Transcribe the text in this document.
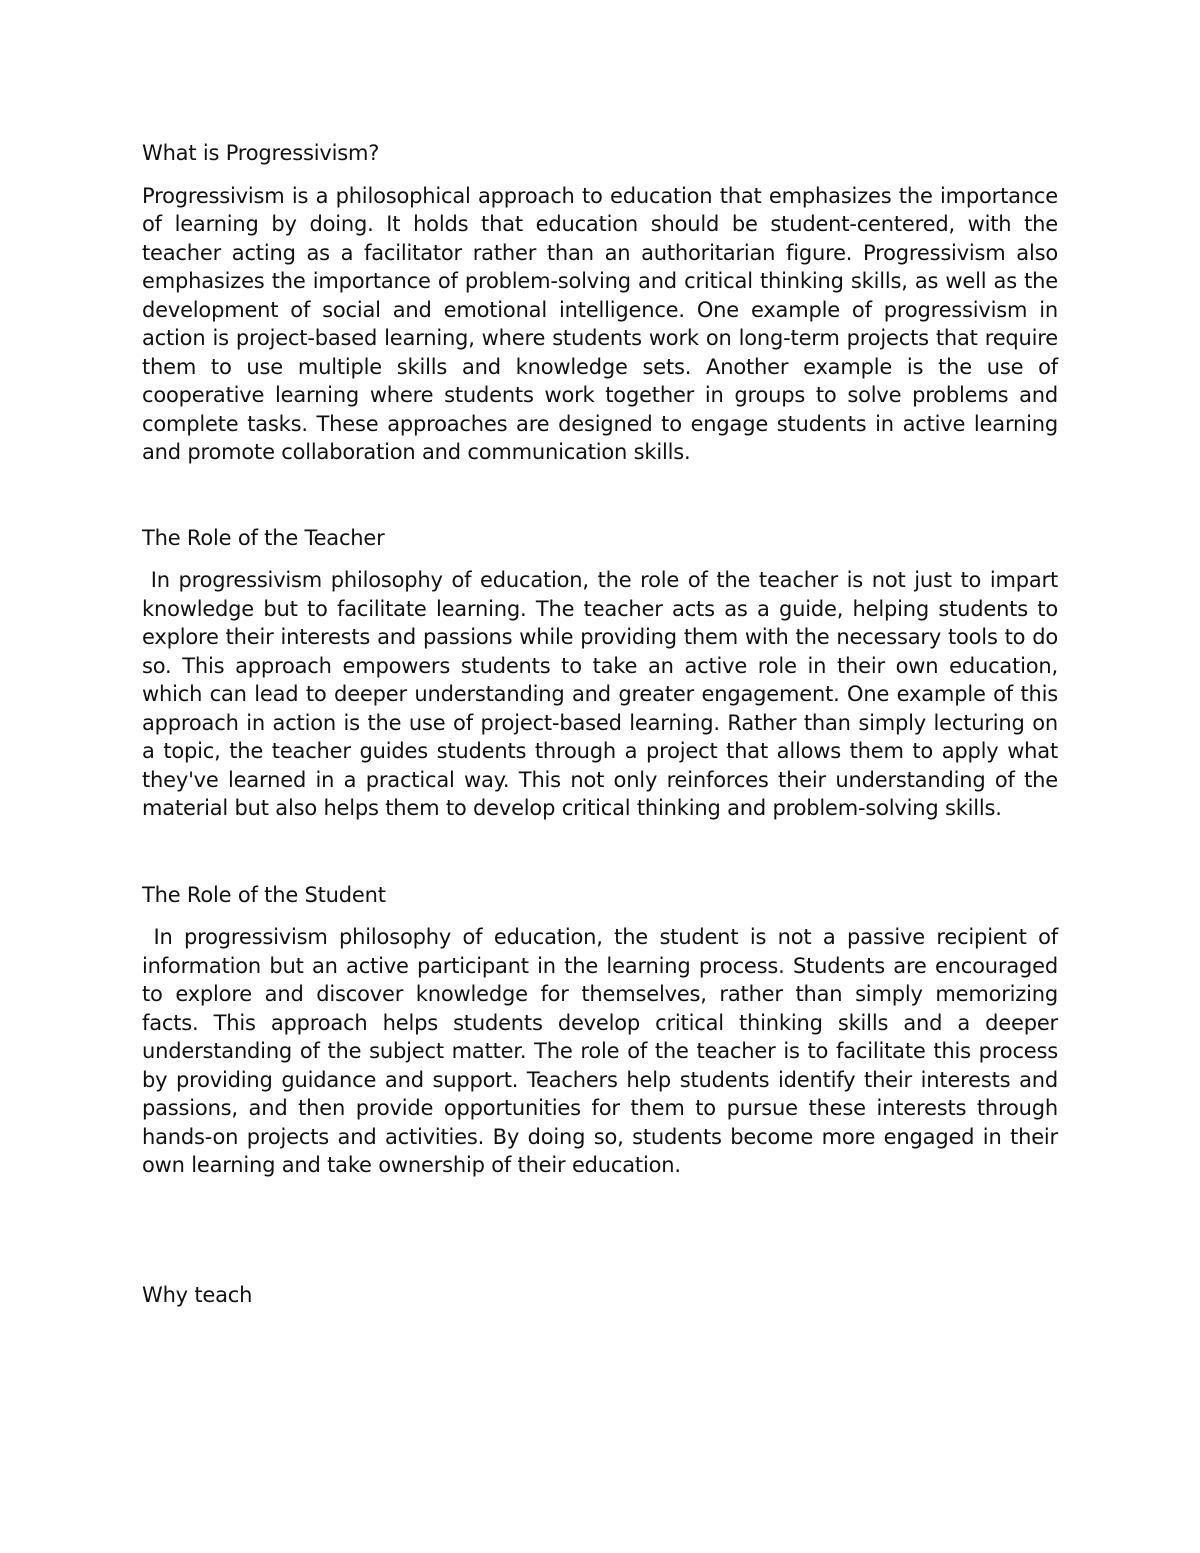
What is Progressivism?

Progressivism is a philosophical approach to education that emphasizes the importance of learning by doing. It holds that education should be student-centered, with the teacher acting as a facilitator rather than an authoritarian figure. Progressivism also emphasizes the importance of problem-solving and critical thinking skills, as well as the development of social and emotional intelligence. One example of progressivism in action is project-based learning, where students work on long-term projects that require them to use multiple skills and knowledge sets. Another example is the use of cooperative learning where students work together in groups to solve problems and complete tasks. These approaches are designed to engage students in active learning and promote collaboration and communication skills.

The Role of the Teacher

In progressivism philosophy of education, the role of the teacher is not just to impart knowledge but to facilitate learning. The teacher acts as a guide, helping students to explore their interests and passions while providing them with the necessary tools to do so. This approach empowers students to take an active role in their own education, which can lead to deeper understanding and greater engagement. One example of this approach in action is the use of project-based learning. Rather than simply lecturing on a topic, the teacher guides students through a project that allows them to apply what they've learned in a practical way. This not only reinforces their understanding of the material but also helps them to develop critical thinking and problem-solving skills.

The Role of the Student

In progressivism philosophy of education, the student is not a passive recipient of information but an active participant in the learning process. Students are encouraged to explore and discover knowledge for themselves, rather than simply memorizing facts. This approach helps students develop critical thinking skills and a deeper understanding of the subject matter. The role of the teacher is to facilitate this process by providing guidance and support. Teachers help students identify their interests and passions, and then provide opportunities for them to pursue these interests through hands-on projects and activities. By doing so, students become more engaged in their own learning and take ownership of their education.

Why teach
